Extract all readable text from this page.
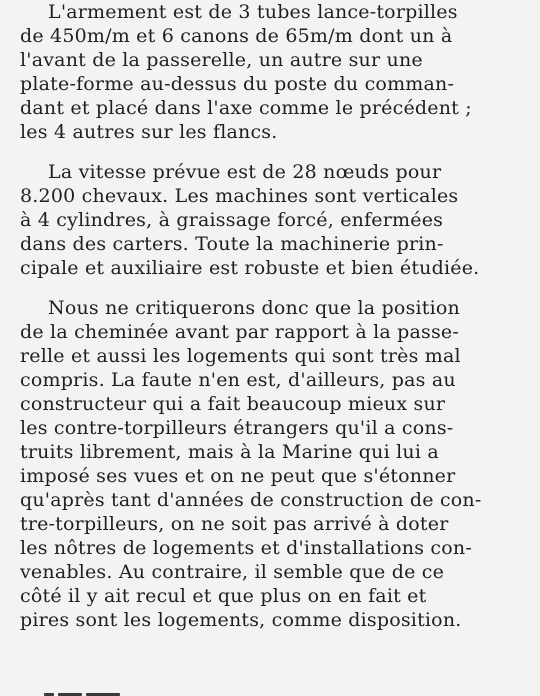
L'armement est de 3 tubes lance-torpilles
de 450m/m et 6 canons de 65m/m dont un à
l'avant de la passerelle, un autre sur une
plate-forme au-dessus du poste du comman-
dant et placé dans l'axe comme le précédent ;
les 4 autres sur les flancs.
La vitesse prévue est de 28 nœuds pour
8.200 chevaux. Les machines sont verticales
à 4 cylindres, à graissage forcé, enfermées
dans des carters. Toute la machinerie prin-
cipale et auxiliaire est robuste et bien étudiée.
Nous ne critiquerons donc que la position
de la cheminée avant par rapport à la passe-
relle et aussi les logements qui sont très mal
compris. La faute n'en est, d'ailleurs, pas au
constructeur qui a fait beaucoup mieux sur
les contre-torpilleurs étrangers qu'il a cons-
truits librement, mais à la Marine qui lui a
imposé ses vues et on ne peut que s'étonner
qu'après tant d'années de construction de con-
tre-torpilleurs, on ne soit pas arrivé à doter
les nôtres de logements et d'installations con-
venables. Au contraire, il semble que de ce
côté il y ait recul et que plus on en fait et
pires sont les logements, comme disposition.
